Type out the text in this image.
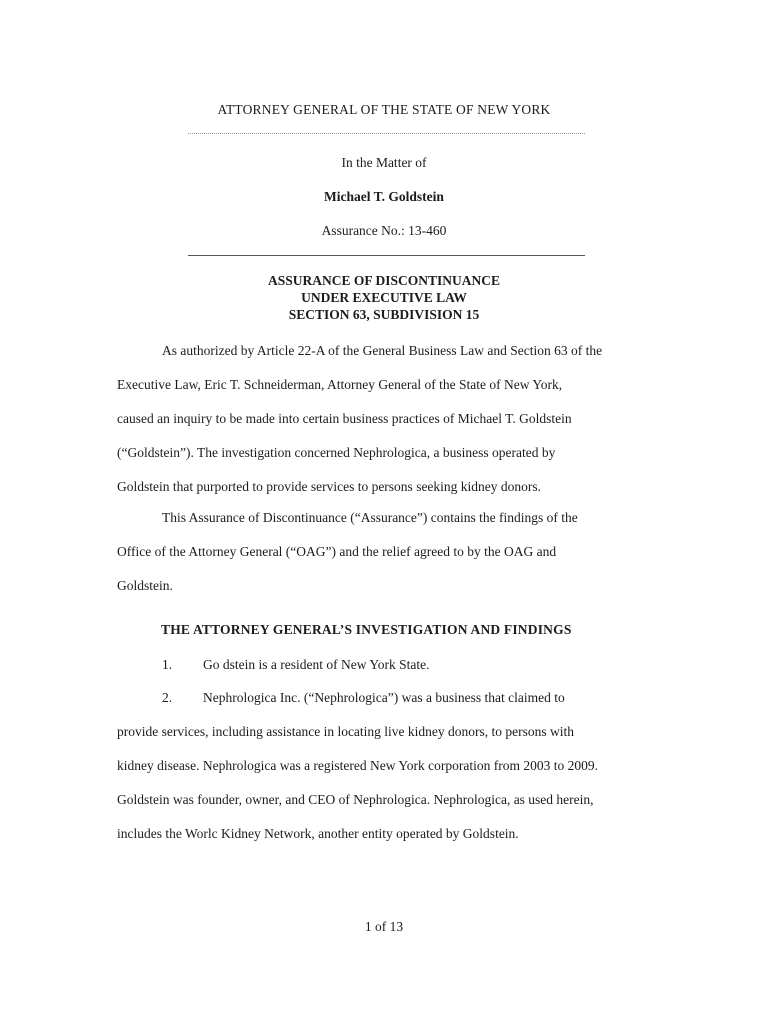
ATTORNEY GENERAL OF THE STATE OF NEW YORK
In the Matter of
Michael T. Goldstein
Assurance No.: 13-460
ASSURANCE OF DISCONTINUANCE
UNDER EXECUTIVE LAW
SECTION 63, SUBDIVISION 15

As authorized by Article 22-A of the General Business Law and Section 63 of the

Executive Law, Eric T. Schneiderman, Attorney General of the State of New York,

caused an inquiry to be made into certain business practices of Michael T. Goldstein

(“Goldstein”). The investigation concerned Nephrologica, a business operated by

Goldstein that purported to provide services to persons seeking kidney donors.

This Assurance of Discontinuance (“Assurance”) contains the findings of the

Office of the Attorney General (“OAG”) and the relief agreed to by the OAG and

Goldstein.

THE ATTORNEY GENERAL’S INVESTIGATION AND FINDINGS

1. Go dstein is a resident of New York State.

2. Nephrologica Inc. (“Nephrologica”) was a business that claimed to

provide services, including assistance in locating live kidney donors, to persons with

kidney disease. Nephrologica was a registered New York corporation from 2003 to 2009.

Goldstein was founder, owner, and CEO of Nephrologica. Nephrologica, as used herein,

includes the Worlc Kidney Network, another entity operated by Goldstein.

1 of 13
